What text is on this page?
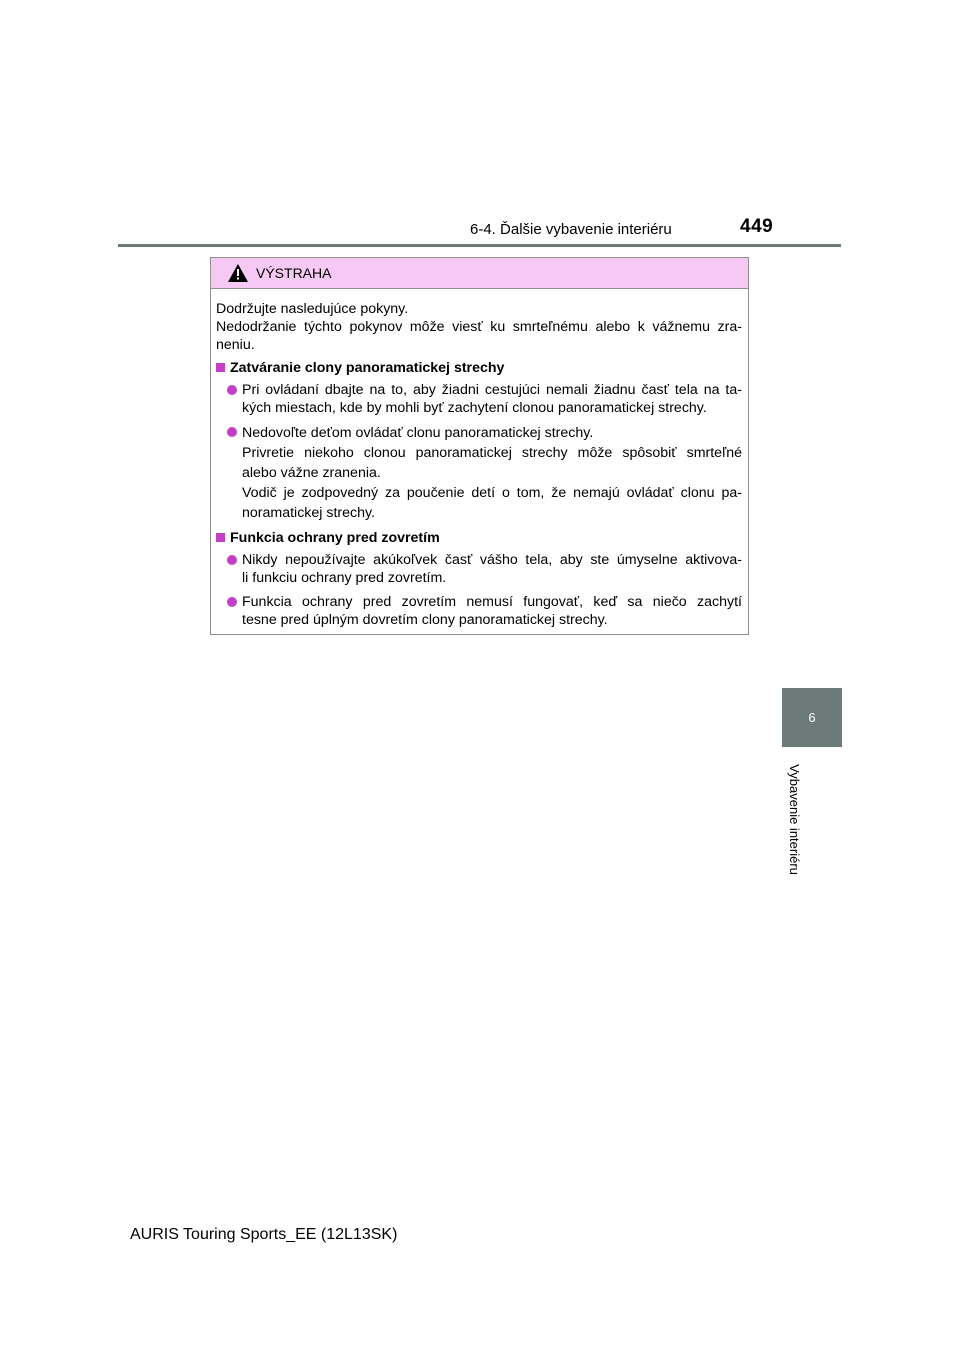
6-4. Ďalšie vybavenie interiéru	449
6
Vybavenie interiéru
VÝSTRAHA
Dodržujte nasledujúce pokyny.
Nedodržanie týchto pokynov môže viesť ku smrteľnému alebo k vážnemu zra-
neniu.
Zatváranie clony panoramatickej strechy
Pri ovládaní dbajte na to, aby žiadni cestujúci nemali žiadnu časť tela na ta-
kých miestach, kde by mohli byť zachytení clonou panoramatickej strechy.
Nedovoľte deťom ovládať clonu panoramatickej strechy.
Privretie niekoho clonou panoramatickej strechy môže spôsobiť smrteľné
alebo vážne zranenia.
Vodič je zodpovedný za poučenie detí o tom, že nemajú ovládať clonu pa-
noramatickej strechy.
Funkcia ochrany pred zovretím
Nikdy nepoužívajte akúkoľvek časť vášho tela, aby ste úmyselne aktivova-
li funkciu ochrany pred zovretím.
Funkcia ochrany pred zovretím nemusí fungovať, keď sa niečo zachytí
tesne pred úplným dovretím clony panoramatickej strechy.
AURIS Touring Sports_EE (12L13SK)
